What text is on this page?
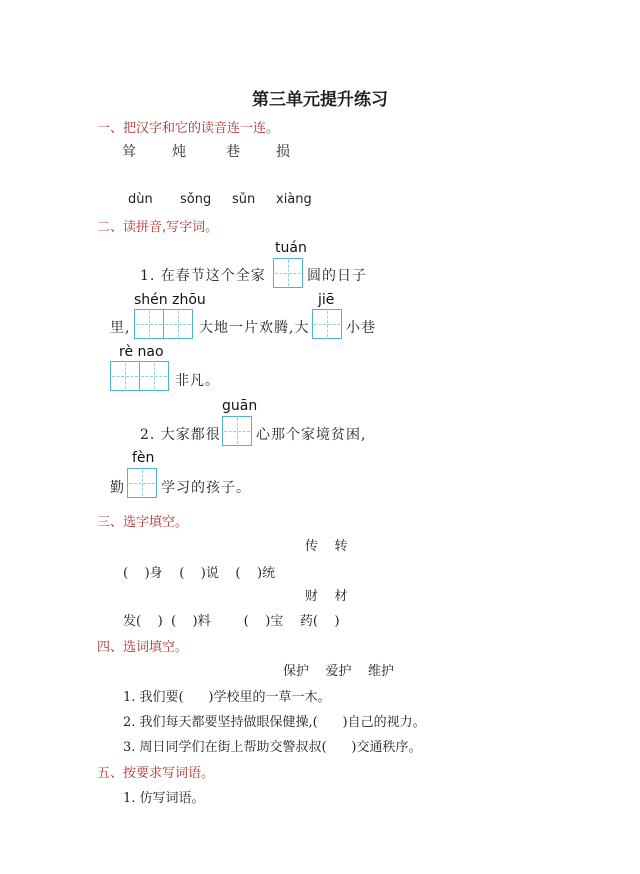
第三单元提升练习
一、把汉字和它的读音连一连。
耸	炖	巷	损
dùn sǒng sǔn xiàng
二、读拼音,写字词。
tuán
1. 在春节这个全家	圆的日子
shén zhōu	jiē
里,	大地一片欢腾,大	小巷
rè nao
非凡。
guān
2. 大家都很	心那个家境贫困,
fèn
勤	学习的孩子。
三、选字填空。
传    转
(    )身    (    )说    (    )统
财    材
发(    )  (    )料        (    )宝    药(    )
四、选词填空。
保护    爱护    维护
1. 我们要(      )学校里的一草一木。
2. 我们每天都要坚持做眼保健操,(      )自己的视力。
3. 周日同学们在街上帮助交警叔叔(      )交通秩序。
五、按要求写词语。
1. 仿写词语。
